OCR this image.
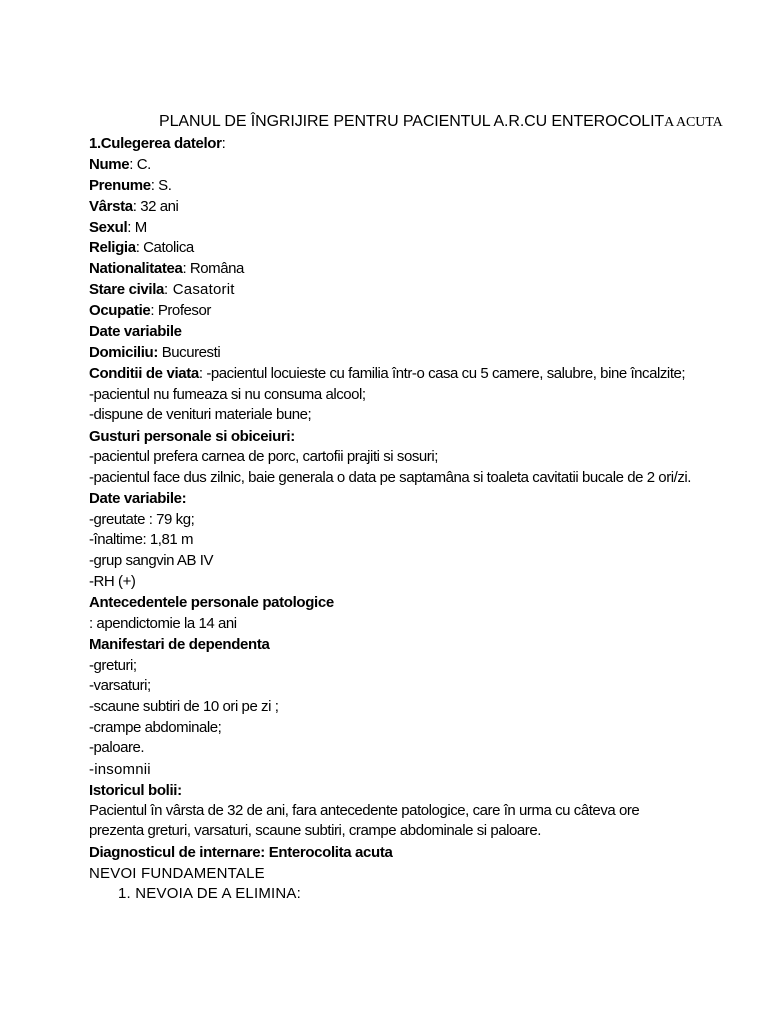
PLANUL DE ÎNGRIJIRE PENTRU PACIENTUL A.R.CU ENTEROCOLITA ACUTA
1.Culegerea datelor:
Nume: C.
Prenume: S.
Vârsta: 32 ani
Sexul: M
Religia: Catolica
Nationalitatea: Româna
Stare civila: Casatorit
Ocupatie: Profesor
Date variabile
Domiciliu: Bucuresti
Conditii de viata: -pacientul locuieste cu familia într-o casa cu 5 camere, salubre, bine încalzite;
-pacientul nu fumeaza si nu consuma alcool;
-dispune de venituri materiale bune;
Gusturi personale si obiceiuri:
-pacientul prefera carnea de porc, cartofii prajiti si sosuri;
-pacientul face dus zilnic, baie generala o data pe saptamâna si toaleta cavitatii bucale de 2 ori/zi.
Date variabile:
-greutate : 79 kg;
-înaltime: 1,81 m
-grup sangvin AB IV
-RH (+)
Antecedentele personale patologice
: apendictomie la 14 ani
Manifestari de dependenta
-greturi;
-varsaturi;
-scaune subtiri de 10 ori pe zi ;
-crampe abdominale;
-paloare.
-insomnii
Istoricul bolii:
Pacientul în vârsta de 32 de ani, fara antecedente patologice, care în urma cu câteva ore prezenta greturi, varsaturi, scaune subtiri, crampe abdominale si paloare.
Diagnosticul de internare: Enterocolita acuta
NEVOI FUNDAMENTALE
1. NEVOIA DE A ELIMINA:
